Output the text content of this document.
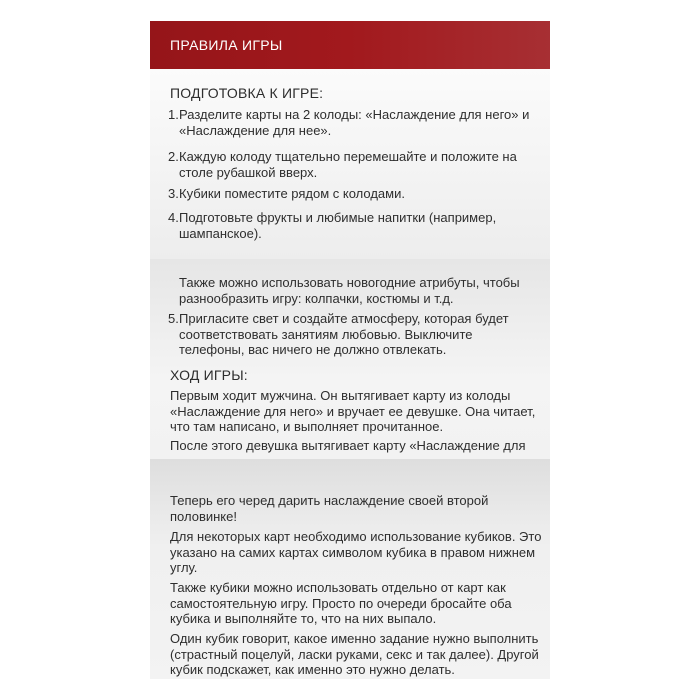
ПРАВИЛА ИГРЫ
ПОДГОТОВКА К ИГРЕ:
1. Разделите карты на 2 колоды: «Наслаждение для него» и «Наслаждение для нее».
2. Каждую колоду тщательно перемешайте и положите на столе рубашкой вверх.
3. Кубики поместите рядом с колодами.
4. Подготовьте фрукты и любимые напитки (например, шампанское).
Также можно использовать новогодние атрибуты, чтобы разнообразить игру: колпачки, костюмы и т.д.
5. Пригласите свет и создайте атмосферу, которая будет соответствовать занятиям любовью. Выключите телефоны, вас ничего не должно отвлекать.
ХОД ИГРЫ:
Первым ходит мужчина. Он вытягивает карту из колоды «Наслаждение для него» и вручает ее девушке. Она читает, что там написано, и выполняет прочитанное.
После этого девушка вытягивает карту «Наслаждение для
Теперь его черед дарить наслаждение своей второй половинке!
Для некоторых карт необходимо использование кубиков. Это указано на самих картах символом кубика в правом нижнем углу.
Также кубики можно использовать отдельно от карт как самостоятельную игру. Просто по очереди бросайте оба кубика и выполняйте то, что на них выпало.
Один кубик говорит, какое именно задание нужно выполнить (страстный поцелуй, ласки руками, секс и так далее). Другой кубик подскажет, как именно это нужно делать.
